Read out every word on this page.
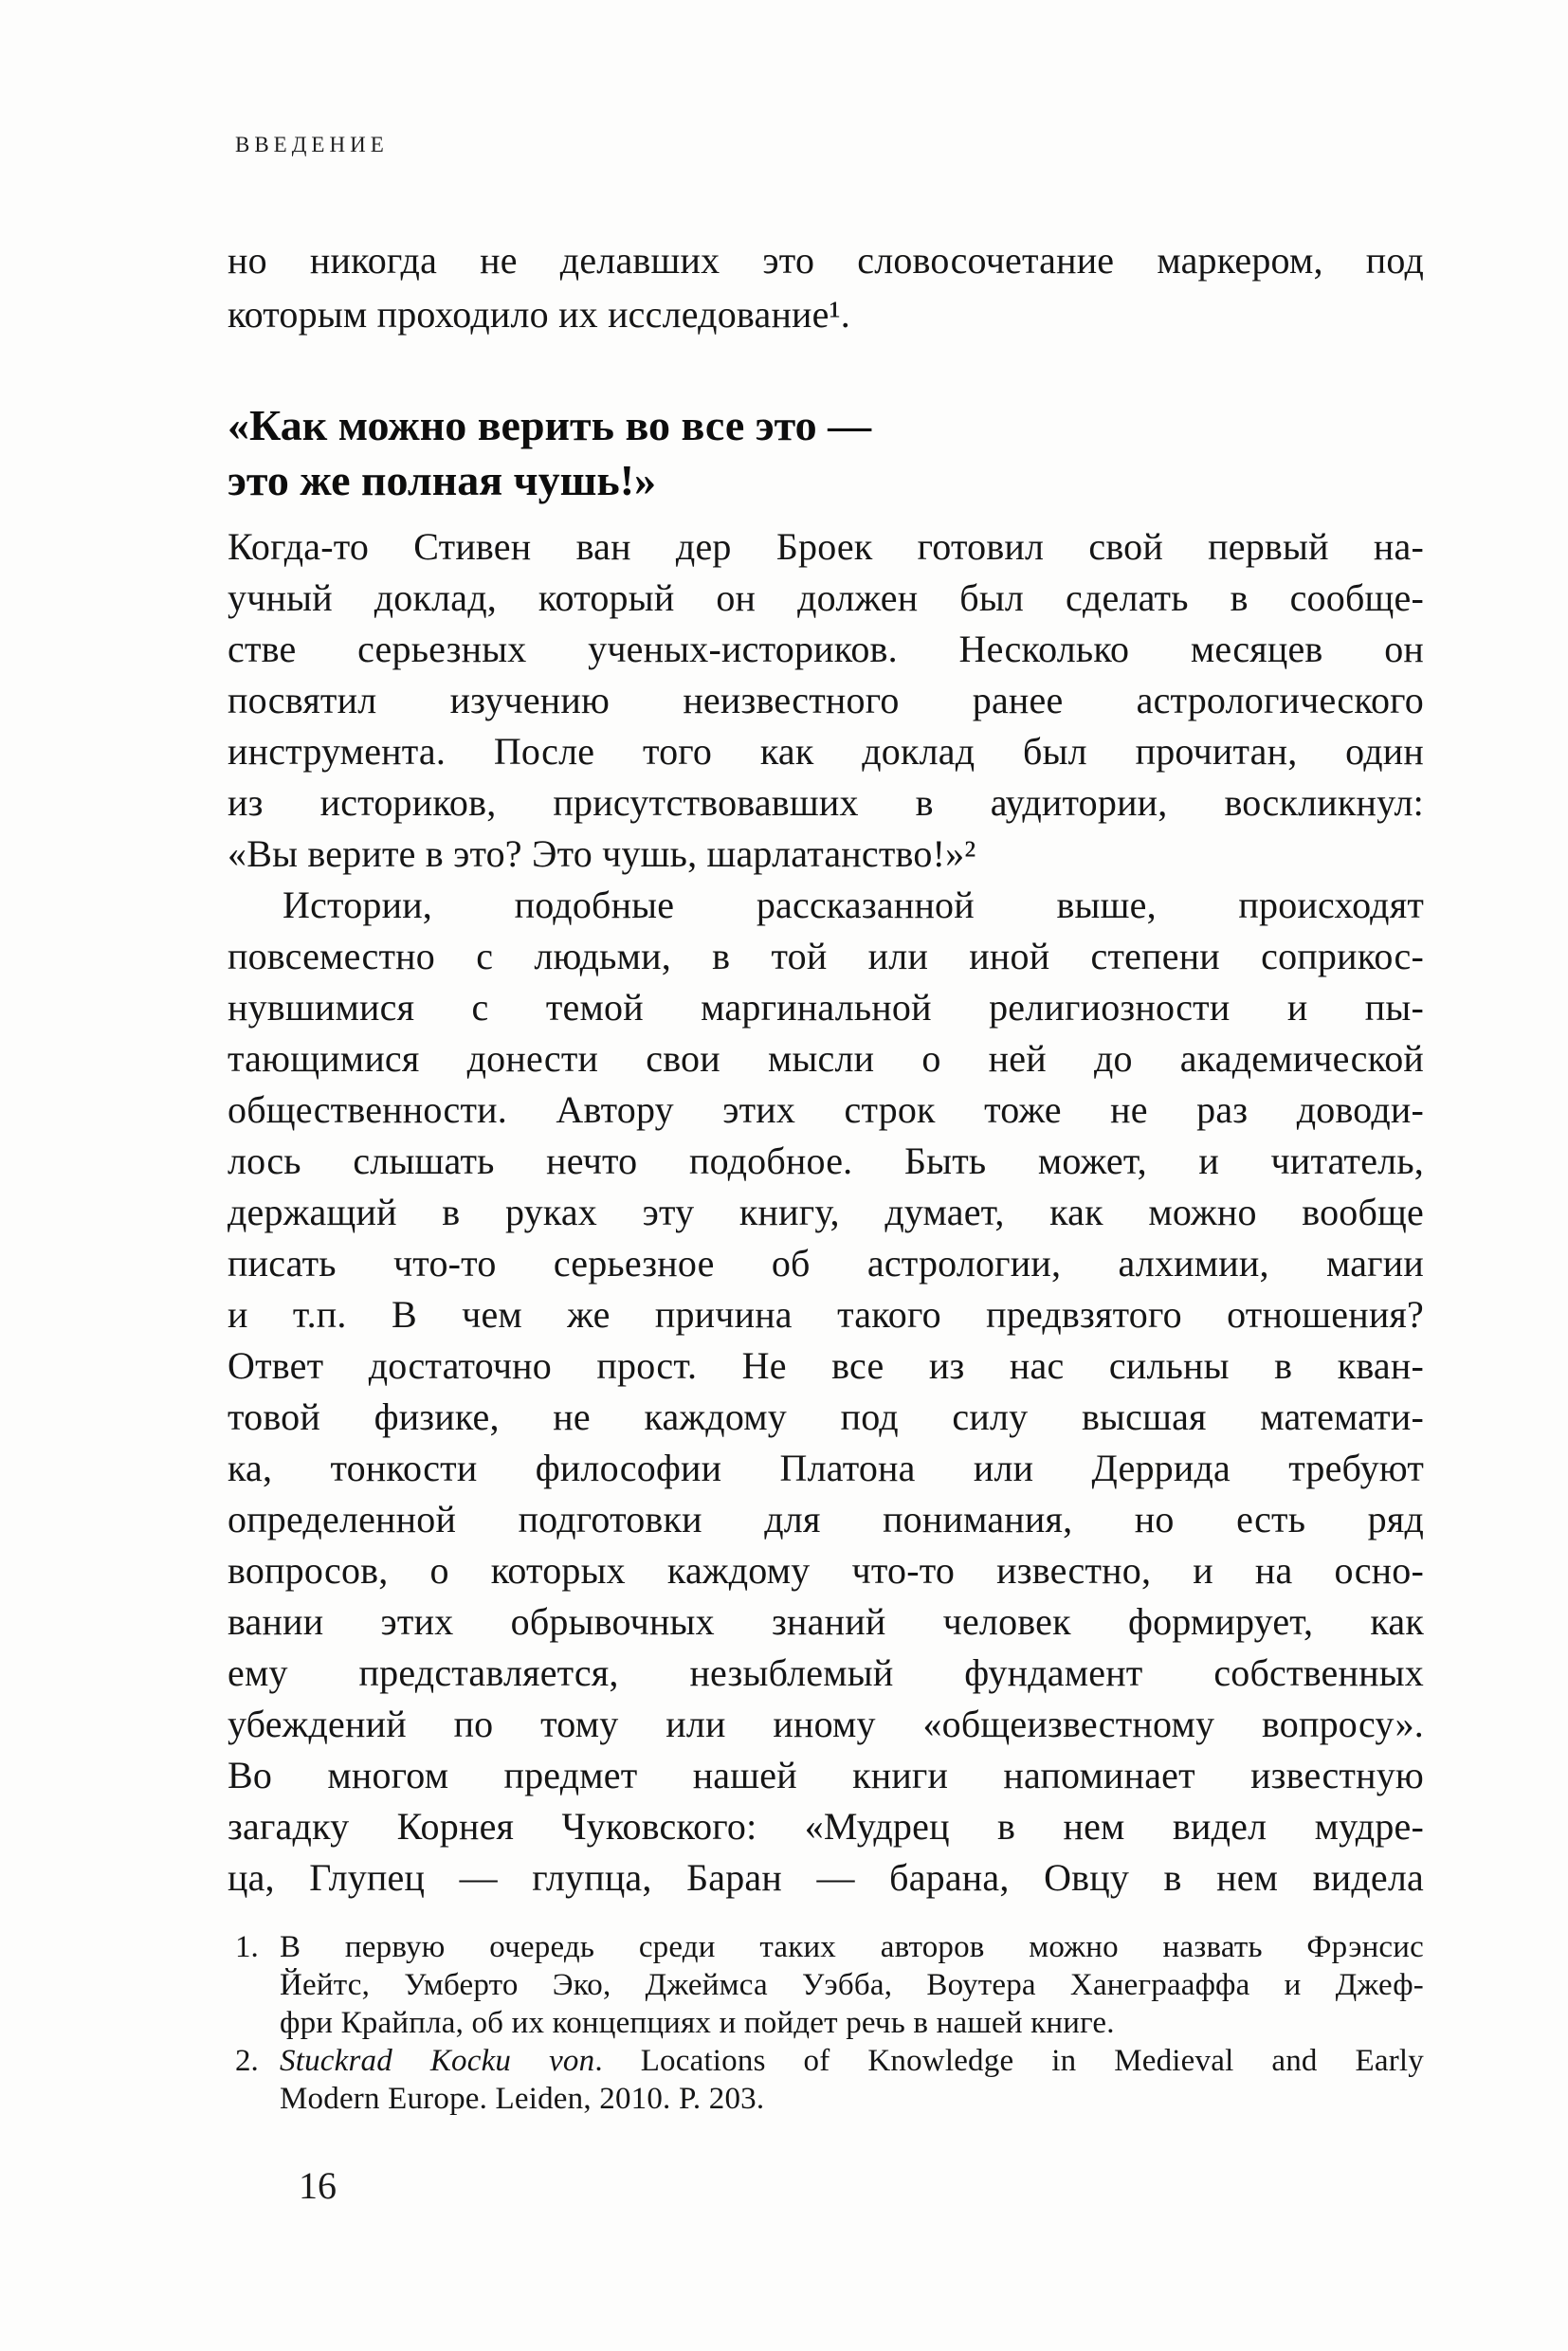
ВВЕДЕНИЕ
но никогда не делавших это словосочетание маркером, под
которым проходило их исследование¹.
«Как можно верить во все это —
это же полная чушь!»
Когда-то Стивен ван дер Броек готовил свой первый на-
учный доклад, который он должен был сделать в сообще-
стве серьезных ученых-историков. Несколько месяцев он
посвятил изучению неизвестного ранее астрологического
инструмента. После того как доклад был прочитан, один
из историков, присутствовавших в аудитории, воскликнул:
«Вы верите в это? Это чушь, шарлатанство!»²
Истории, подобные рассказанной выше, происходят
повсеместно с людьми, в той или иной степени соприкос-
нувшимися с темой маргинальной религиозности и пы-
тающимися донести свои мысли о ней до академической
общественности. Автору этих строк тоже не раз доводи-
лось слышать нечто подобное. Быть может, и читатель,
держащий в руках эту книгу, думает, как можно вообще
писать что-то серьезное об астрологии, алхимии, магии
и т.п. В чем же причина такого предвзятого отношения?
Ответ достаточно прост. Не все из нас сильны в кван-
товой физике, не каждому под силу высшая математи-
ка, тонкости философии Платона или Деррида требуют
определенной подготовки для понимания, но есть ряд
вопросов, о которых каждому что-то известно, и на осно-
вании этих обрывочных знаний человек формирует, как
ему представляется, незыблемый фундамент собственных
убеждений по тому или иному «общеизвестному вопросу».
Во многом предмет нашей книги напоминает известную
загадку Корнея Чуковского: «Мудрец в нем видел мудре-
ца, Глупец — глупца, Баран — барана, Овцу в нем видела
1. В первую очередь среди таких авторов можно назвать Фрэнсис
Йейтс, Умберто Эко, Джеймса Уэбба, Воутера Ханеграаффа и Джеф-
фри Крайпла, об их концепциях и пойдет речь в нашей книге.
2. Stuckrad Kocku von. Locations of Knowledge in Medieval and Early
Modern Europe. Leiden, 2010. P. 203.
16
